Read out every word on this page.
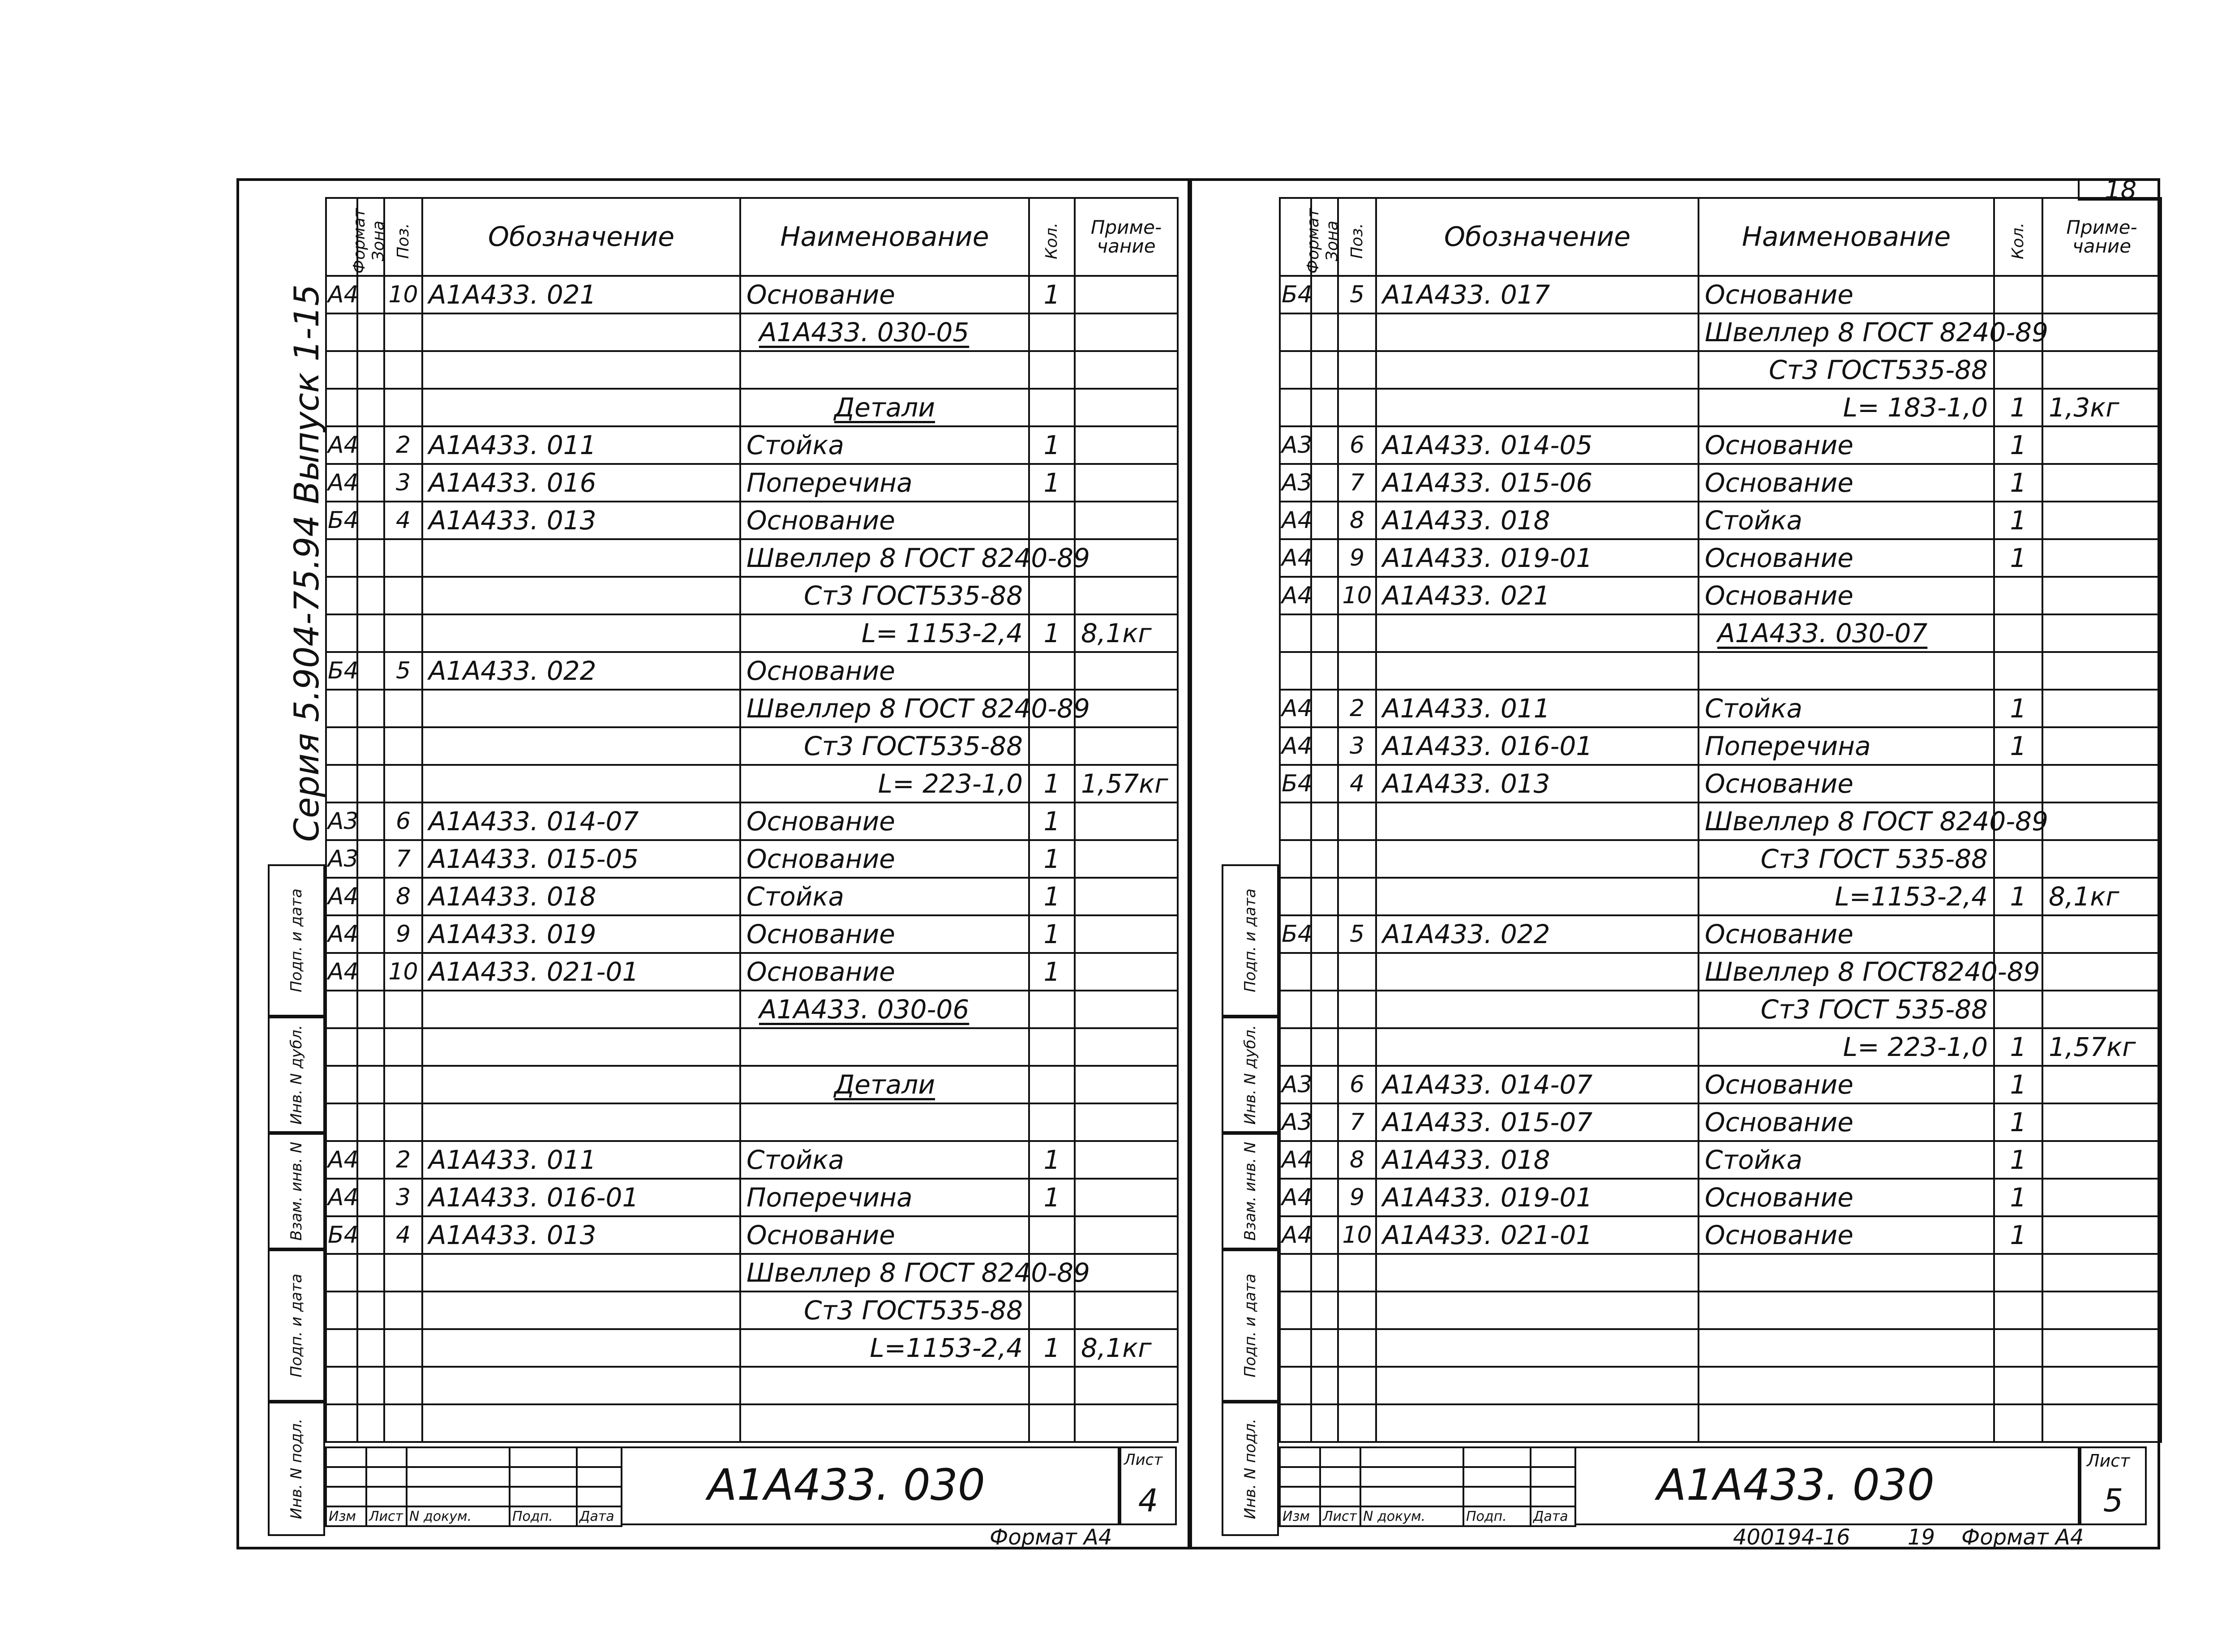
Серия 5.904-75.94 Выпуск 1-15
Подп. и дата
Инв. N дубл.
Взам. инв. N
Подп. и дата
Инв. N подл.
Формат	Зона	Поз.	Обозначение	Наименование	Кол.	Приме-чание
А4		10	А1А433. 021	Основание	1	
				А1А433. 030-05		

				Детали		
А4		2	А1А433. 011	Стойка	1	
А4		3	А1А433. 016	Поперечина	1	
Б4		4	А1А433. 013	Основание		
				Швеллер 8 ГОСТ 8240-89		
				Ст3 ГОСТ535-88		
				L= 1153-2,4	1	8,1кг
Б4		5	А1А433. 022	Основание		
				Швеллер 8 ГОСТ 8240-89		
				Ст3 ГОСТ535-88		
				L= 223-1,0	1	1,57кг
А3		6	А1А433. 014-07	Основание	1	
А3		7	А1А433. 015-05	Основание	1	
А4		8	А1А433. 018	Стойка	1	
А4		9	А1А433. 019	Основание	1	
А4		10	А1А433. 021-01	Основание	1	
				А1А433. 030-06		

				Детали		

А4		2	А1А433. 011	Стойка	1	
А4		3	А1А433. 016-01	Поперечина	1	
Б4		4	А1А433. 013	Основание		
				Швеллер 8 ГОСТ 8240-89		
				Ст3 ГОСТ535-88		
				L=1153-2,4	1	8,1кг

Изм	Лист	N докум.	Подп.	Дата
А1А433. 030	Лист
4
Формат А4
18
Подп. и дата
Инв. N дубл.
Взам. инв. N
Подп. и дата
Инв. N подл.
Формат	Зона	Поз.	Обозначение	Наименование	Кол.	Приме-чание
Б4		5	А1А433. 017	Основание		
				Швеллер 8 ГОСТ 8240-89		
				Ст3 ГОСТ535-88		
				L= 183-1,0	1	1,3кг
А3		6	А1А433. 014-05	Основание	1	
А3		7	А1А433. 015-06	Основание	1	
А4		8	А1А433. 018	Стойка	1	
А4		9	А1А433. 019-01	Основание	1	
А4		10	А1А433. 021	Основание		
				А1А433. 030-07		

А4		2	А1А433. 011	Стойка	1	
А4		3	А1А433. 016-01	Поперечина	1	
Б4		4	А1А433. 013	Основание		
				Швеллер 8 ГОСТ 8240-89		
				Ст3 ГОСТ 535-88		
				L=1153-2,4	1	8,1кг
Б4		5	А1А433. 022	Основание		
				Швеллер 8 ГОСТ8240-89		
				Ст3 ГОСТ 535-88		
				L= 223-1,0	1	1,57кг
А3		6	А1А433. 014-07	Основание	1	
А3		7	А1А433. 015-07	Основание	1	
А4		8	А1А433. 018	Стойка	1	
А4		9	А1А433. 019-01	Основание	1	
А4		10	А1А433. 021-01	Основание	1	

Изм	Лист	N докум.	Подп.	Дата
А1А433. 030	Лист
5
400194-16	19 Формат А4
